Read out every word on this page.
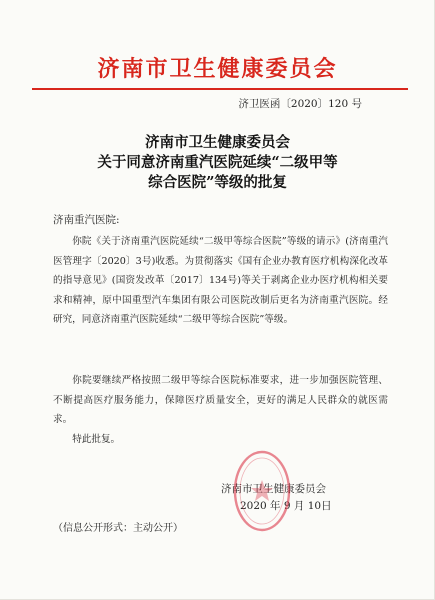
济南市卫生健康委员会
济卫医函〔2020〕120 号
济南市卫生健康委员会
关于同意济南重汽医院延续“二级甲等
综合医院”等级的批复
济南重汽医院:
你院《关于济南重汽医院延续“二级甲等综合医院”等级的请示》(济南重汽医管理字〔2020〕3号)收悉。为贯彻落实《国有企业办教育医疗机构深化改革的指导意见》(国资发改革〔2017〕134号)等关于剥离企业办医疗机构相关要求和精神，原中国重型汽车集团有限公司医院改制后更名为济南重汽医院。经研究，同意济南重汽医院延续“二级甲等综合医院”等级。
你院要继续严格按照二级甲等综合医院标准要求，进一步加强医院管理、不断提高医疗服务能力，保障医疗质量安全，更好的满足人民群众的就医需求。
特此批复。
济南市卫生健康委员会
2020 年 9 月 10日
（信息公开形式：主动公开）
